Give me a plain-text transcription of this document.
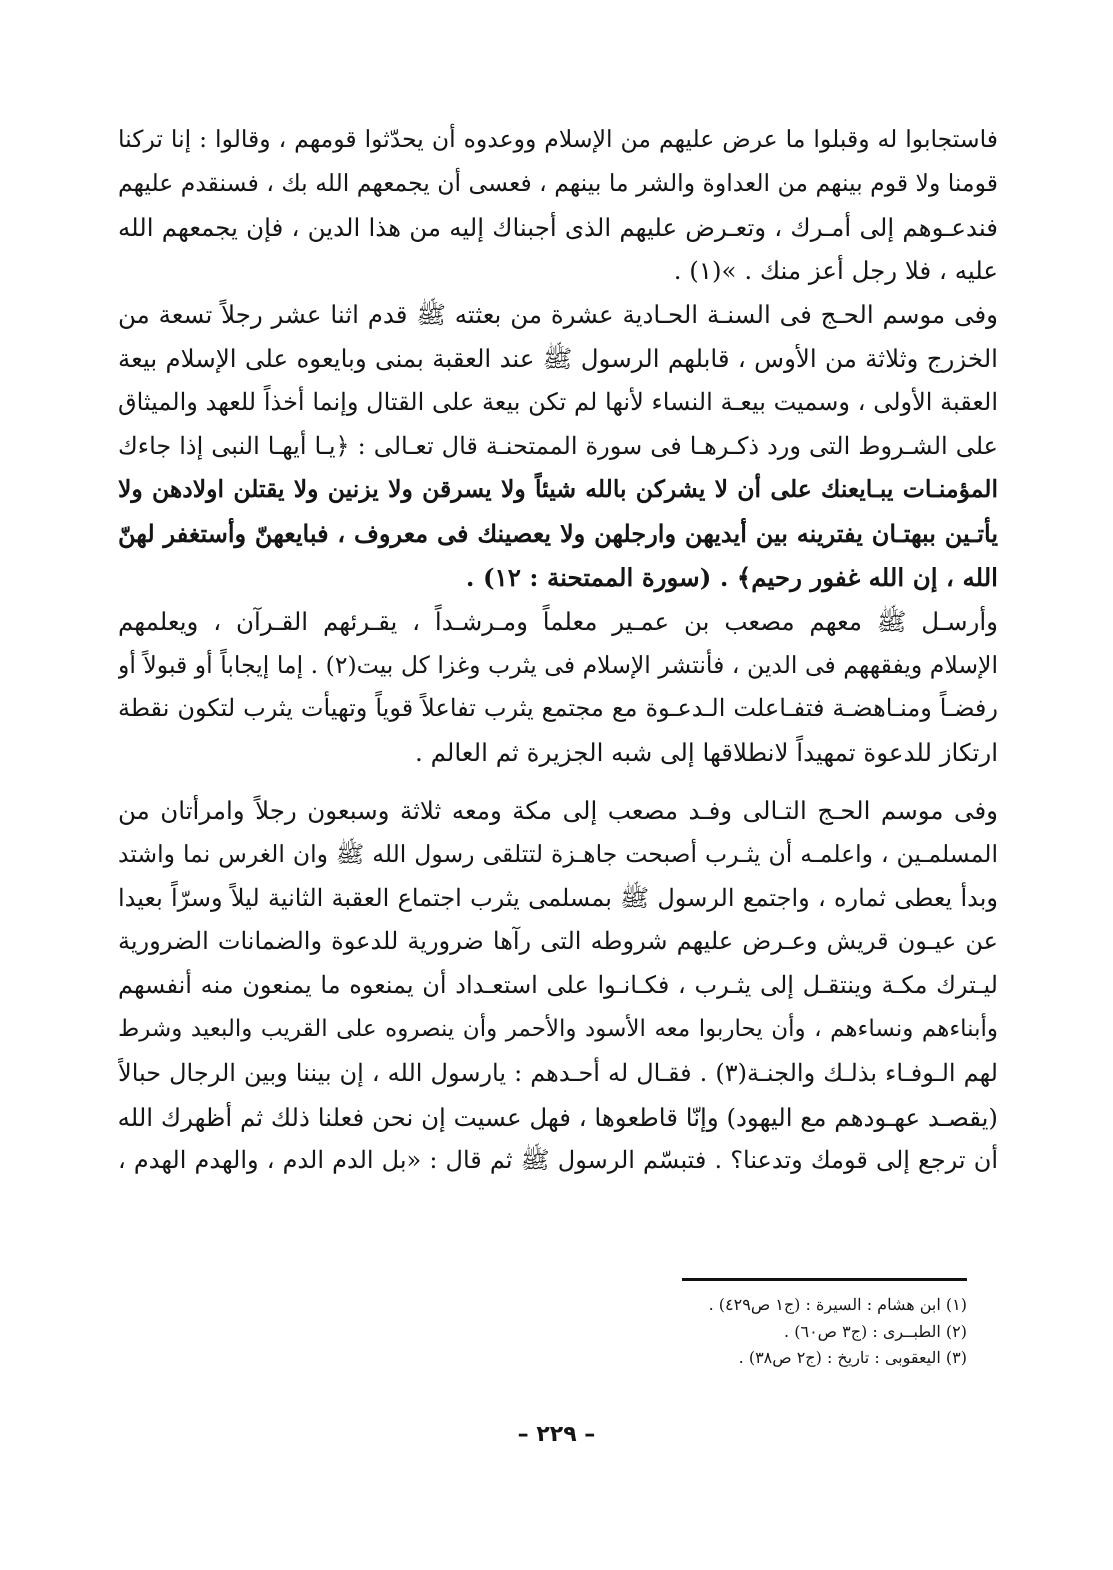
فاستجابوا له وقبلوا ما عرض عليهم من الإسلام ووعدوه أن يحدّثوا قومهم ، وقالوا : إنا تركنا
قومنا ولا قوم بينهم من العداوة والشر ما بينهم ، فعسى أن يجمعهم الله بك ، فسنقدم عليهم
فندعـوهم إلى أمـرك ، وتعـرض عليهم الذى أجبناك إليه من هذا الدين ، فإن يجمعهم الله
عليه ، فلا رجل أعز منك . »(١) .
وفى موسم الحـج فى السنـة الحـادية عشرة من بعثته ﷺ قدم اثنا عشر رجلاً تسعة من
الخزرج وثلاثة من الأوس ، قابلهم الرسول ﷺ عند العقبة بمنى وبايعوه على الإسلام بيعة
العقبة الأولى ، وسميت بيعـة النساء لأنها لم تكن بيعة على القتال وإنما أخذاً للعهد والميثاق
على الشـروط التى ورد ذكـرهـا فى سورة الممتحنـة قال تعـالى : ﴿يـا أيهـا النبى إذا جاءك
المؤمنـات يبـايعنك على أن لا يشركن بالله شيئاً ولا يسرقن ولا يزنين ولا يقتلن اولادهن ولا
يأتـين ببهتـان يفترينه بين أيديهن وارجلهن ولا يعصينك فى معروف ، فبايعهنّ وأستغفر لهنّ
الله ، إن الله غفور رحيم﴾ . (سورة الممتحنة : ١٢) .
وأرسـل ﷺ معهم مصعب بن عمـير معلماً ومـرشـداً ، يقـرئهم القـرآن ، ويعلمهم
الإسلام ويفقههم فى الدين ، فأنتشر الإسلام فى يثرب وغزا كل بيت(٢) . إما إيجاباً أو قبولاً أو
رفضـاً ومنـاهضـة فتفـاعلت الـدعـوة مع مجتمع يثرب تفاعلاً قوياً وتهيأت يثرب لتكون نقطة
ارتكاز للدعوة تمهيداً لانطلاقها إلى شبه الجزيرة ثم العالم .
وفى موسم الحـج التـالى وفـد مصعب إلى مكة ومعه ثلاثة وسبعون رجلاً وامرأتان من
المسلمـين ، واعلمـه أن يثـرب أصبحت جاهـزة لتتلقى رسول الله ﷺ وان الغرس نما واشتد
وبدأ يعطى ثماره ، واجتمع الرسول ﷺ بمسلمى يثرب اجتماع العقبة الثانية ليلاً وسرّاً بعيدا
عن عيـون قريش وعـرض عليهم شروطه التى رآها ضرورية للدعوة والضمانات الضرورية
ليـترك مكـة وينتقـل إلى يثـرب ، فكـانـوا على استعـداد أن يمنعوه ما يمنعون منه أنفسهم
وأبناءهم ونساءهم ، وأن يحاربوا معه الأسود والأحمر وأن ينصروه على القريب والبعيد وشرط
لهم الـوفـاء بذلـك والجنـة(٣) . فقـال له أحـدهم : يارسول الله ، إن بيننا وبين الرجال حبالاً
(يقصـد عهـودهم مع اليهود) وإنّا قاطعوها ، فهل عسيت إن نحن فعلنا ذلك ثم أظهرك الله
أن ترجع إلى قومك وتدعنا؟ . فتبسّم الرسول ﷺ ثم قال : «بل الدم الدم ، والهدم الهدم ،
(١) ابن هشام : السيرة : (ج١ ص٤٢٩) .
(٢) الطبــرى : (ج٣ ص٦٠) .
(٣) اليعقوبى : تاريخ : (ج٢ ص٣٨) .
– ٢٢٩ –
